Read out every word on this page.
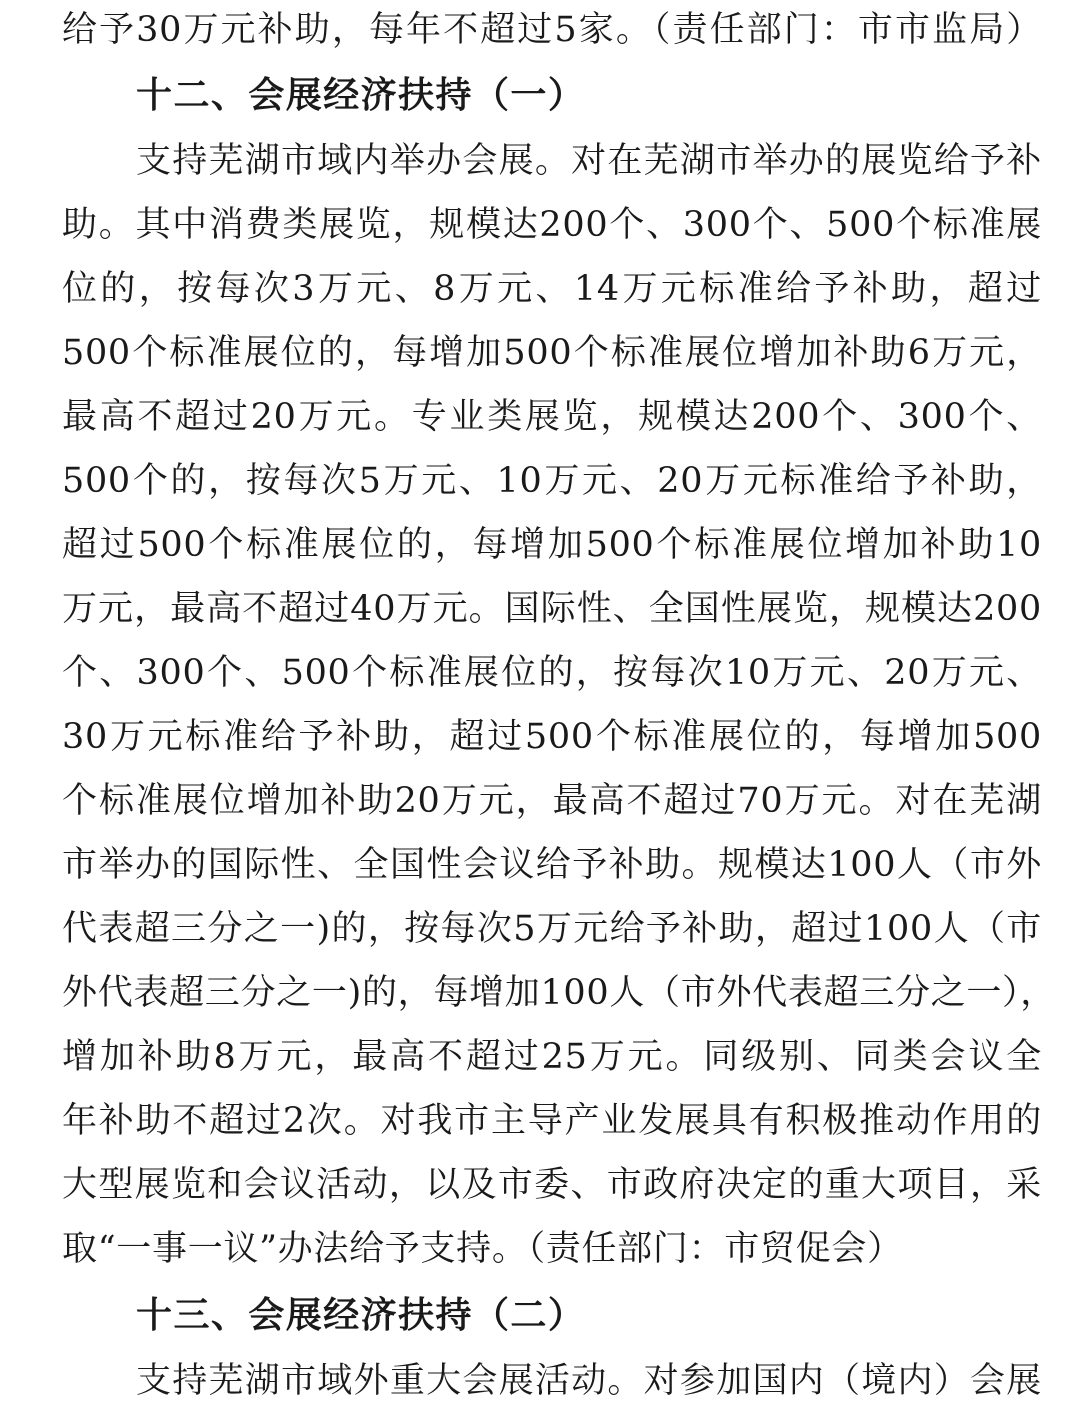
给予30万元补助，每年不超过5家。（责任部门：市市监局）
十二、会展经济扶持（一）
支持芜湖市域内举办会展。对在芜湖市举办的展览给予补
助。其中消费类展览，规模达200个、300个、500个标准展
位的，按每次3万元、8万元、14万元标准给予补助，超过
500个标准展位的，每增加500个标准展位增加补助6万元，
最高不超过20万元。专业类展览，规模达200个、300个、
500个的，按每次5万元、10万元、20万元标准给予补助，
超过500个标准展位的，每增加500个标准展位增加补助10
万元，最高不超过40万元。国际性、全国性展览，规模达200
个、300个、500个标准展位的，按每次10万元、20万元、
30万元标准给予补助，超过500个标准展位的，每增加500
个标准展位增加补助20万元，最高不超过70万元。对在芜湖
市举办的国际性、全国性会议给予补助。规模达100人（市外
代表超三分之一)的，按每次5万元给予补助，超过100人（市
外代表超三分之一)的，每增加100人（市外代表超三分之一），
增加补助8万元，最高不超过25万元。同级别、同类会议全
年补助不超过2次。对我市主导产业发展具有积极推动作用的
大型展览和会议活动，以及市委、市政府决定的重大项目，采
取“一事一议”办法给予支持。（责任部门：市贸促会）
十三、会展经济扶持（二）
支持芜湖市域外重大会展活动。对参加国内（境内）会展
